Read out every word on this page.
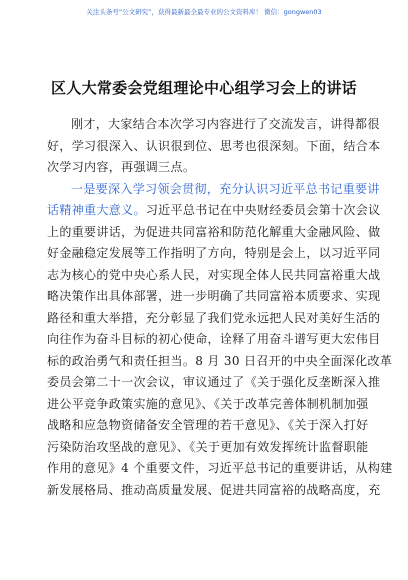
关注头条号“公文研究”，获得最新最全最专业的公文资料库！ 微信：gongwen03
区人大常委会党组理论中心组学习会上的讲话
刚才，大家结合本次学习内容进行了交流发言，讲得都很
好，学习很深入、认识很到位、思考也很深刻。下面，结合本
次学习内容，再强调三点。
一是要深入学习领会贯彻，充分认识习近平总书记重要讲
话精神重大意义。习近平总书记在中央财经委员会第十次会议
上的重要讲话，为促进共同富裕和防范化解重大金融风险、做
好金融稳定发展等工作指明了方向，特别是会上，以习近平同
志为核心的党中央心系人民，对实现全体人民共同富裕重大战
略决策作出具体部署，进一步明确了共同富裕本质要求、实现
路径和重大举措，充分彰显了我们党永远把人民对美好生活的
向往作为奋斗目标的初心使命，诠释了用奋斗谱写更大宏伟目
标的政治勇气和责任担当。8 月 30 日召开的中央全面深化改革
委员会第二十一次会议，审议通过了《关于强化反垄断深入推
进公平竞争政策实施的意见》、《关于改革完善体制机制加强
战略和应急物资储备安全管理的若干意见》、《关于深入打好
污染防治攻坚战的意见》、《关于更加有效发挥统计监督职能
作用的意见》4 个重要文件，习近平总书记的重要讲话，从构建
新发展格局、推动高质量发展、促进共同富裕的战略高度，充
